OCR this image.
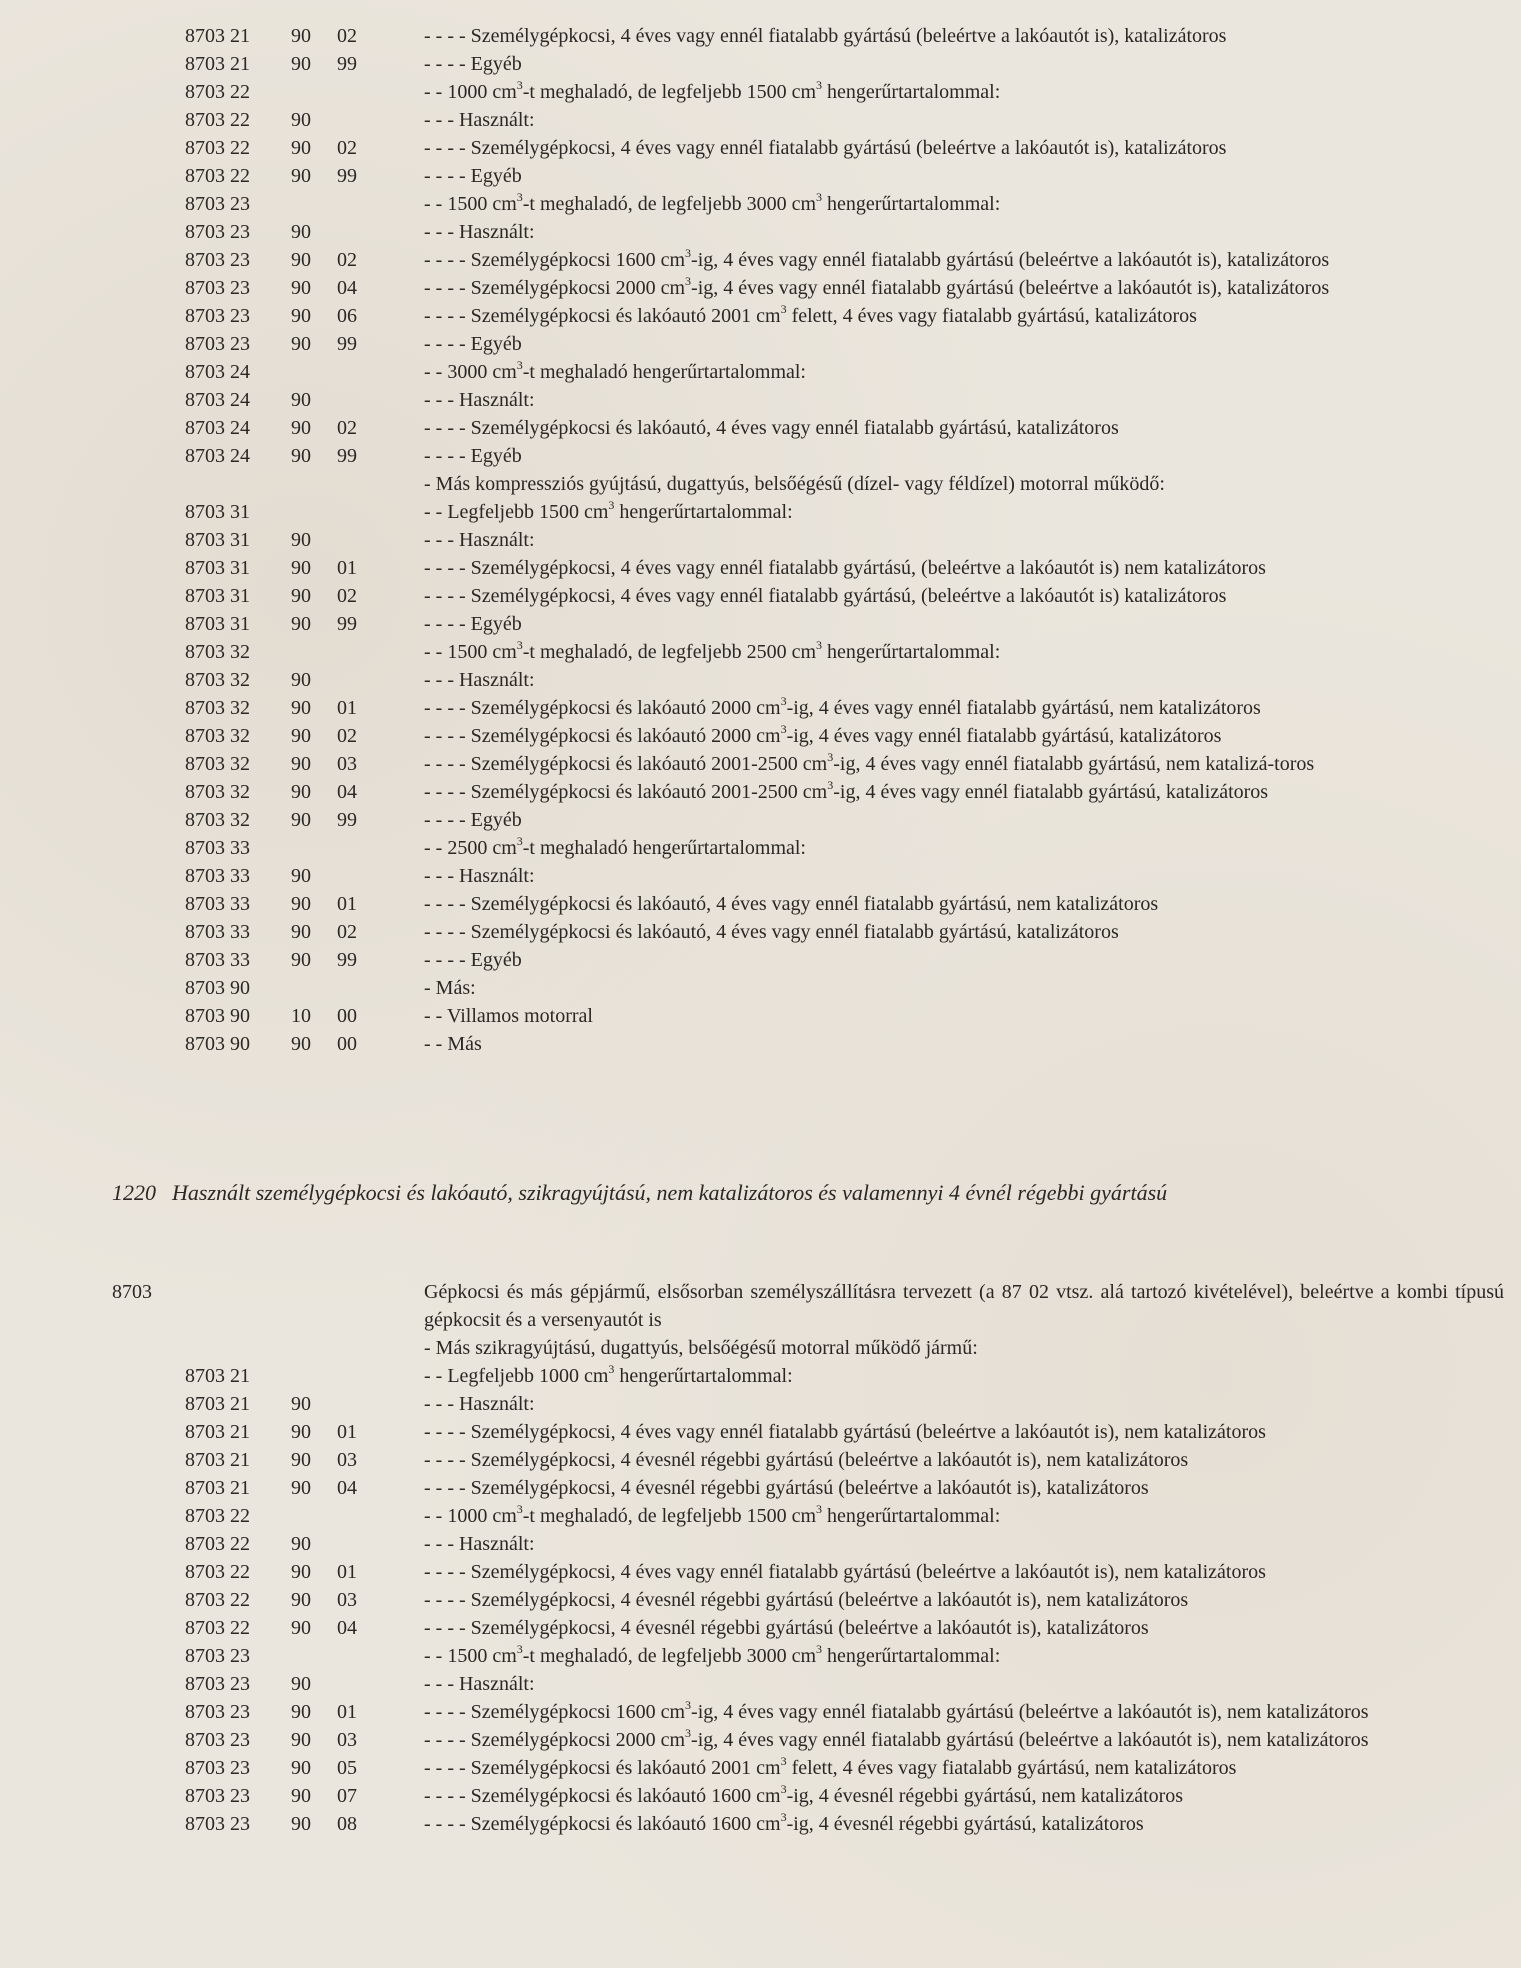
8703 21 90 02	- - - - Személygépkocsi, 4 éves vagy ennél fiatalabb gyártású (beleértve a lakóautót is), katalizátoros
8703 21 90 99	- - - - Egyéb
8703 22	- - 1000 $cm^3-t$ meghaladó, de legfeljebb 1500 $cm^3$ hengerűrtartalommal:
8703 22 90	- - - Használt:
8703 22 90 02	- - - - Személygépkocsi, 4 éves vagy ennél fiatalabb gyártású (beleértve a lakóautót is), katalizátoros
8703 22 90 99	- - - - Egyéb
8703 23	- - 1500 $cm^3-t$ meghaladó, de legfeljebb 3000 $cm^3$ hengerűrtartalommal:
8703 23 90	- - - Használt:
8703 23 90 02	- - - - Személygépkocsi 1600 $cm^3-ig$, 4 éves vagy ennél fiatalabb gyártású (beleértve a lakóautót is), katalizátoros
8703 23 90 04	- - - - Személygépkocsi 2000 $cm^3-ig$, 4 éves vagy ennél fiatalabb gyártású (beleértve a lakóautót is), katalizátoros
8703 23 90 06	- - - - Személygépkocsi és lakóautó 2001 $cm^3$ felett, 4 éves vagy fiatalabb gyártású, katalizátoros
8703 23 90 99	- - - - Egyéb
8703 24	- - 3000 $cm^3-t$ meghaladó hengerűrtartalommal:
8703 24 90	- - - Használt:
8703 24 90 02	- - - - Személygépkocsi és lakóautó, 4 éves vagy ennél fiatalabb gyártású, katalizátoros
8703 24 90 99	- - - - Egyéb
- Más kompressziós gyújtású, dugattyús, belsőégésű (dízel- vagy féldízel) motorral működő:
8703 31	- - Legfeljebb 1500 $cm^3$ hengerűrtartalommal:
8703 31 90	- - - Használt:
8703 31 90 01	- - - - Személygépkocsi, 4 éves vagy ennél fiatalabb gyártású, (beleértve a lakóautót is) nem katalizátoros
8703 31 90 02	- - - - Személygépkocsi, 4 éves vagy ennél fiatalabb gyártású, (beleértve a lakóautót is) katalizátoros
8703 31 90 99	- - - - Egyéb
8703 32	- - 1500 $cm^3-t$ meghaladó, de legfeljebb 2500 $cm^3$ hengerűrtartalommal:
8703 32 90	- - - Használt:
8703 32 90 01	- - - - Személygépkocsi és lakóautó 2000 $cm^3-ig$, 4 éves vagy ennél fiatalabb gyártású, nem katalizátoros
8703 32 90 02	- - - - Személygépkocsi és lakóautó 2000 $cm^3-ig$, 4 éves vagy ennél fiatalabb gyártású, katalizátoros
8703 32 90 03	- - - - Személygépkocsi és lakóautó 2001-2500 $cm^3-ig$, 4 éves vagy ennél fiatalabb gyártású, nem katalizá-toros
8703 32 90 04	- - - - Személygépkocsi és lakóautó 2001-2500 $cm^3-ig$, 4 éves vagy ennél fiatalabb gyártású, katalizátoros
8703 32 90 99	- - - - Egyéb
8703 33	- - 2500 $cm^3-t$ meghaladó hengerűrtartalommal:
8703 33 90	- - - Használt:
8703 33 90 01	- - - - Személygépkocsi és lakóautó, 4 éves vagy ennél fiatalabb gyártású, nem katalizátoros
8703 33 90 02	- - - - Személygépkocsi és lakóautó, 4 éves vagy ennél fiatalabb gyártású, katalizátoros
8703 33 90 99	- - - - Egyéb
8703 90	- Más:
8703 90 10 00	- - Villamos motorral
8703 90 90 00	- - Más
1220 Használt személygépkocsi és lakóautó, szikragyújtású, nem katalizátoros és valamennyi 4 évnél régebbi gyártású
8703	Gépkocsi és más gépjármű, elsősorban személyszállításra tervezett (a 87 02 vtsz. alá tartozó kivételével), beleértve a kombi típusú gépkocsit és a versenyautót is
- Más szikragyújtású, dugattyús, belsőégésű motorral működő jármű:
8703 21	- - Legfeljebb 1000 $cm^3$ hengerűrtartalommal:
8703 21 90	- - - Használt:
8703 21 90 01	- - - - Személygépkocsi, 4 éves vagy ennél fiatalabb gyártású (beleértve a lakóautót is), nem katalizátoros
8703 21 90 03	- - - - Személygépkocsi, 4 évesnél régebbi gyártású (beleértve a lakóautót is), nem katalizátoros
8703 21 90 04	- - - - Személygépkocsi, 4 évesnél régebbi gyártású (beleértve a lakóautót is), katalizátoros
8703 22	- - 1000 $cm^3-t$ meghaladó, de legfeljebb 1500 $cm^3$ hengerűrtartalommal:
8703 22 90	- - - Használt:
8703 22 90 01	- - - - Személygépkocsi, 4 éves vagy ennél fiatalabb gyártású (beleértve a lakóautót is), nem katalizátoros
8703 22 90 03	- - - - Személygépkocsi, 4 évesnél régebbi gyártású (beleértve a lakóautót is), nem katalizátoros
8703 22 90 04	- - - - Személygépkocsi, 4 évesnél régebbi gyártású (beleértve a lakóautót is), katalizátoros
8703 23	- - 1500 $cm^3-t$ meghaladó, de legfeljebb 3000 $cm^3$ hengerűrtartalommal:
8703 23 90	- - - Használt:
8703 23 90 01	- - - - Személygépkocsi 1600 $cm^3-ig$, 4 éves vagy ennél fiatalabb gyártású (beleértve a lakóautót is), nem katalizátoros
8703 23 90 03	- - - - Személygépkocsi 2000 $cm^3-ig$, 4 éves vagy ennél fiatalabb gyártású (beleértve a lakóautót is), nem katalizátoros
8703 23 90 05	- - - - Személygépkocsi és lakóautó 2001 $cm^3$ felett, 4 éves vagy fiatalabb gyártású, nem katalizátoros
8703 23 90 07	- - - - Személygépkocsi és lakóautó 1600 $cm^3-ig$, 4 évesnél régebbi gyártású, nem katalizátoros
8703 23 90 08	- - - - Személygépkocsi és lakóautó 1600 $cm^3-ig$, 4 évesnél régebbi gyártású, katalizátoros
